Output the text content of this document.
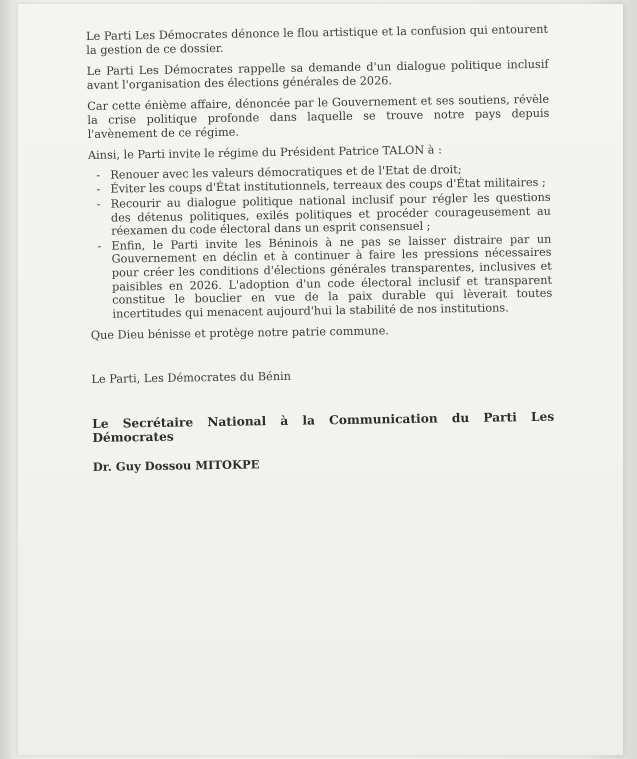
Le Parti Les Démocrates dénonce le flou artistique et la confusion qui entourent la gestion de ce dossier.

Le Parti Les Démocrates rappelle sa demande d'un dialogue politique inclusif avant l'organisation des élections générales de 2026.

Car cette énième affaire, dénoncée par le Gouvernement et ses soutiens, révèle la crise politique profonde dans laquelle se trouve notre pays depuis l'avènement de ce régime.

Ainsi, le Parti invite le régime du Président Patrice TALON à :

- Renouer avec les valeurs démocratiques et de l'Etat de droit;
- Éviter les coups d'État institutionnels, terreaux des coups d'État militaires ;
- Recourir au dialogue politique national inclusif pour régler les questions des détenus politiques, exilés politiques et procéder courageusement au réexamen du code électoral dans un esprit consensuel ;
- Enfin, le Parti invite les Béninois à ne pas se laisser distraire par un Gouvernement en déclin et à continuer à faire les pressions nécessaires pour créer les conditions d'élections générales transparentes, inclusives et paisibles en 2026. L'adoption d'un code électoral inclusif et transparent constitue le bouclier en vue de la paix durable qui lèverait toutes incertitudes qui menacent aujourd'hui la stabilité de nos institutions.

Que Dieu bénisse et protège notre patrie commune.

Le Parti, Les Démocrates du Bénin

Le Secrétaire National à la Communication du Parti Les Démocrates
Dr. Guy Dossou MITOKPE
